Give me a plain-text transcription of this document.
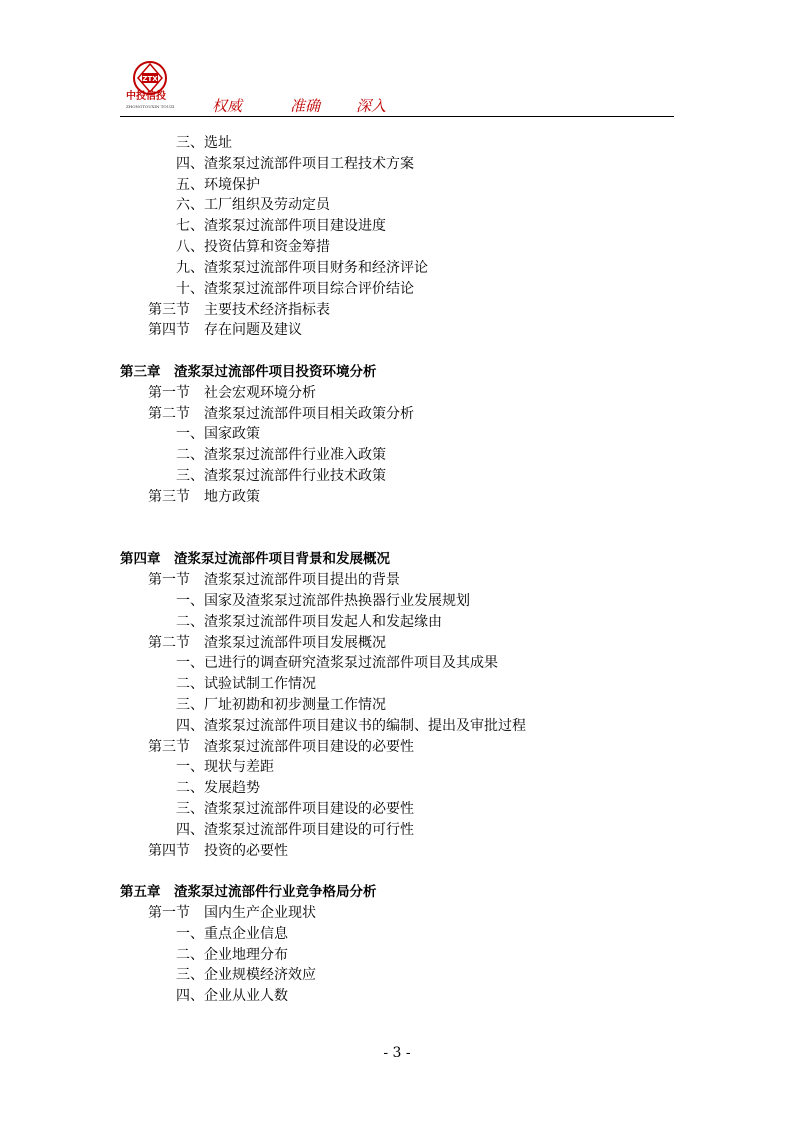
ZTX
中投信投
ZHONGTOUXIN TOUZI	权威	准确 深入
三、选址
四、渣浆泵过流部件项目工程技术方案
五、环境保护
六、工厂组织及劳动定员
七、渣浆泵过流部件项目建设进度
八、投资估算和资金筹措
九、渣浆泵过流部件项目财务和经济评论
十、渣浆泵过流部件项目综合评价结论
第三节　主要技术经济指标表
第四节　存在问题及建议
第三章　渣浆泵过流部件项目投资环境分析
第一节　社会宏观环境分析
第二节　渣浆泵过流部件项目相关政策分析
一、国家政策
二、渣浆泵过流部件行业准入政策
三、渣浆泵过流部件行业技术政策
第三节　地方政策
第四章　渣浆泵过流部件项目背景和发展概况
第一节　渣浆泵过流部件项目提出的背景
一、国家及渣浆泵过流部件热换器行业发展规划
二、渣浆泵过流部件项目发起人和发起缘由
第二节　渣浆泵过流部件项目发展概况
一、已进行的调查研究渣浆泵过流部件项目及其成果
二、试验试制工作情况
三、厂址初勘和初步测量工作情况
四、渣浆泵过流部件项目建议书的编制、提出及审批过程
第三节　渣浆泵过流部件项目建设的必要性
一、现状与差距
二、发展趋势
三、渣浆泵过流部件项目建设的必要性
四、渣浆泵过流部件项目建设的可行性
第四节　投资的必要性
第五章　渣浆泵过流部件行业竞争格局分析
第一节　国内生产企业现状
一、重点企业信息
二、企业地理分布
三、企业规模经济效应
四、企业从业人数
- 3 -
